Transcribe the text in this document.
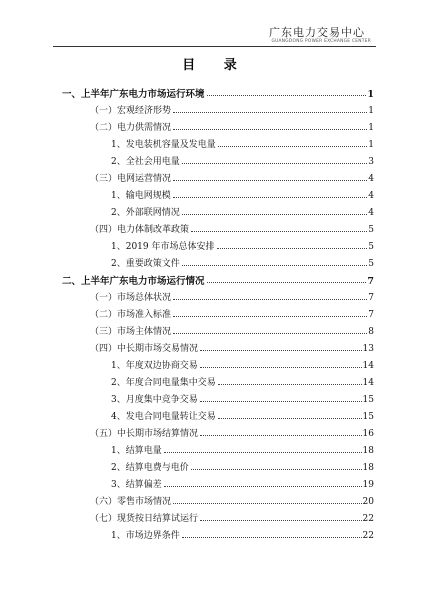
广东电力交易中心
GUANGDONG POWER EXCHANGE CENTER
目 录
一、上半年广东电力市场运行环境	1
（一）宏观经济形势	1
（二）电力供需情况	1
1、发电装机容量及发电量	1
2、全社会用电量	3
（三）电网运营情况	4
1、输电网规模	4
2、外部联网情况	4
（四）电力体制改革政策	5
1、2019 年市场总体安排	5
2、重要政策文件	5
二、上半年广东电力市场运行情况	7
（一）市场总体状况	7
（二）市场准入标准	7
（三）市场主体情况	8
（四）中长期市场交易情况	13
1、年度双边协商交易	14
2、年度合同电量集中交易	14
3、月度集中竞争交易	15
4、发电合同电量转让交易	15
（五）中长期市场结算情况	16
1、结算电量	18
2、结算电费与电价	18
3、结算偏差	19
（六）零售市场情况	20
（七）现货按日结算试运行	22
1、市场边界条件	22
